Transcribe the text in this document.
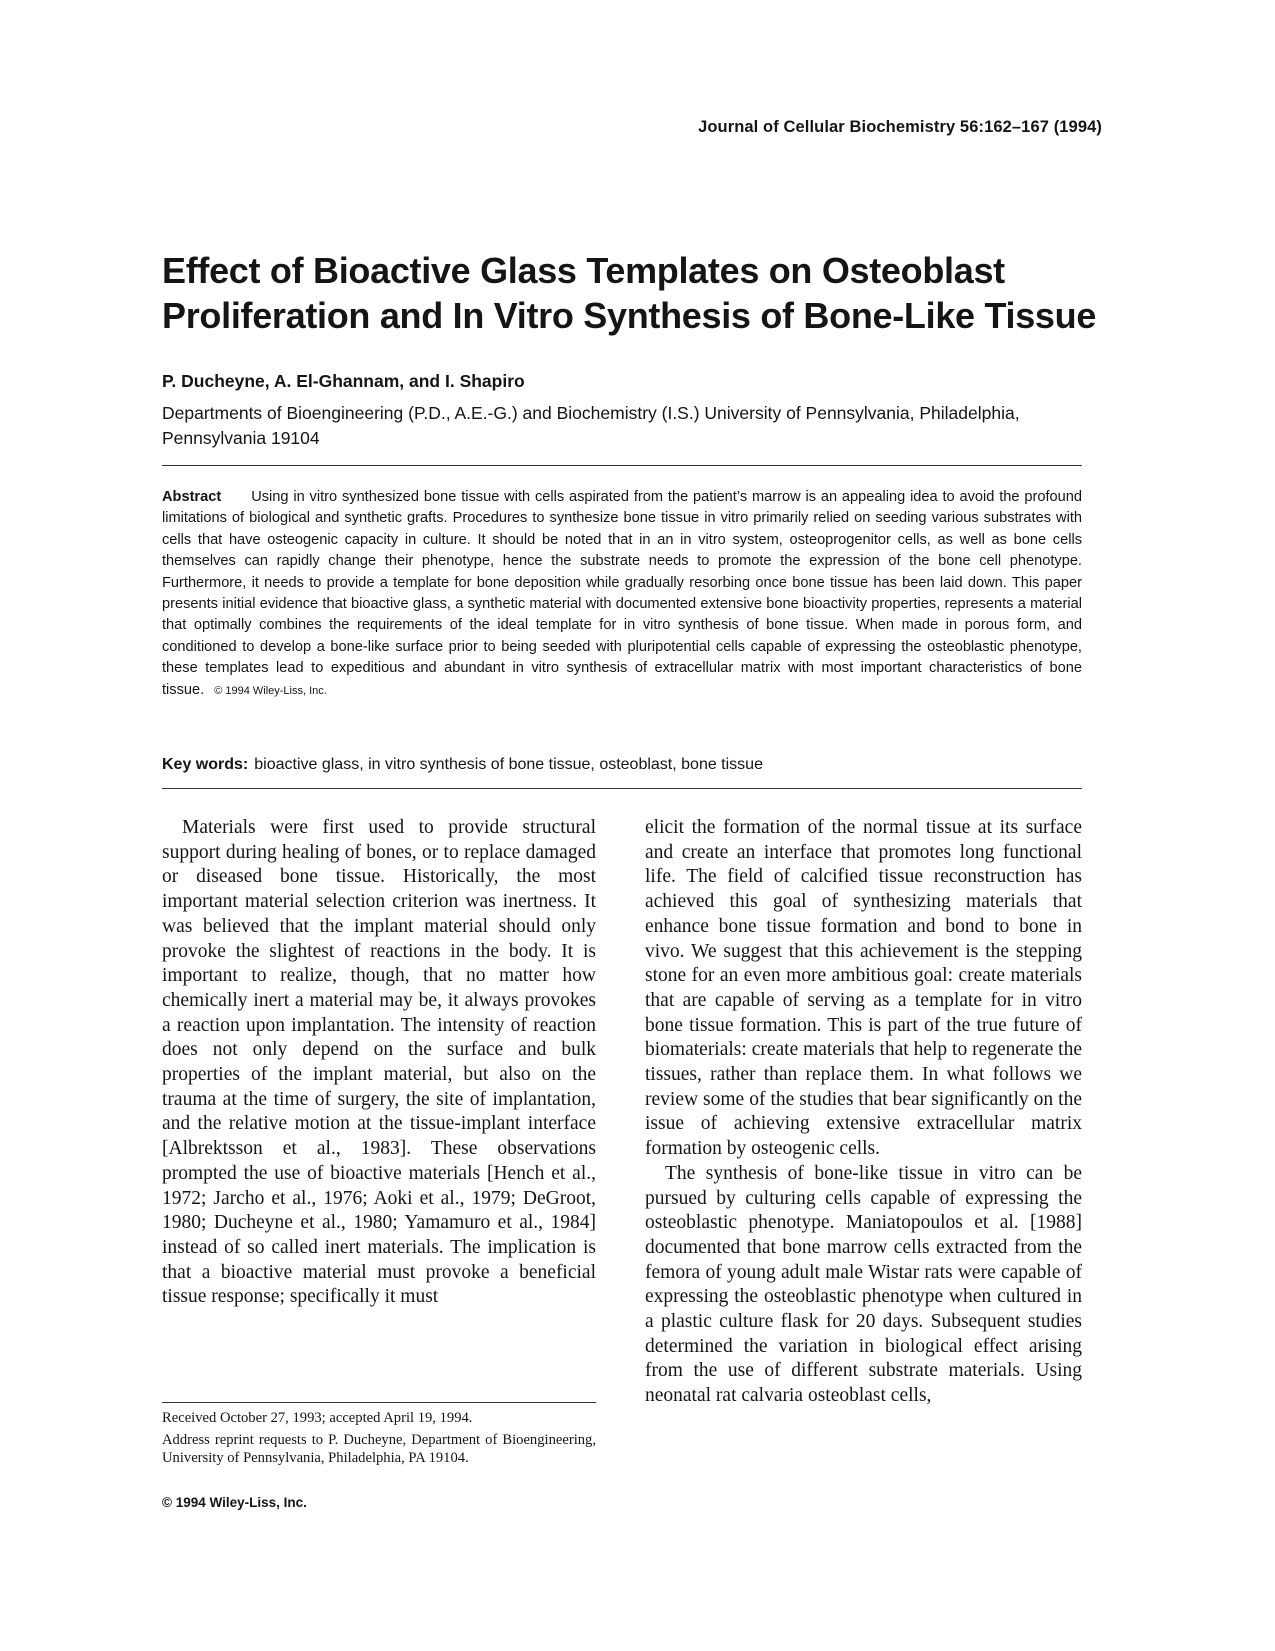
Journal of Cellular Biochemistry 56:162–167 (1994)
Effect of Bioactive Glass Templates on Osteoblast Proliferation and In Vitro Synthesis of Bone-Like Tissue
P. Ducheyne, A. El-Ghannam, and I. Shapiro
Departments of Bioengineering (P.D., A.E.-G.) and Biochemistry (I.S.) University of Pennsylvania, Philadelphia, Pennsylvania 19104

Abstract Using in vitro synthesized bone tissue with cells aspirated from the patient’s marrow is an appealing idea to avoid the profound limitations of biological and synthetic grafts. Procedures to synthesize bone tissue in vitro primarily relied on seeding various substrates with cells that have osteogenic capacity in culture. It should be noted that in an in vitro system, osteoprogenitor cells, as well as bone cells themselves can rapidly change their phenotype, hence the substrate needs to promote the expression of the bone cell phenotype. Furthermore, it needs to provide a template for bone deposition while gradually resorbing once bone tissue has been laid down. This paper presents initial evidence that bioactive glass, a synthetic material with documented extensive bone bioactivity properties, represents a material that optimally combines the requirements of the ideal template for in vitro synthesis of bone tissue. When made in porous form, and conditioned to develop a bone-like surface prior to being seeded with pluripotential cells capable of expressing the osteoblastic phenotype, these templates lead to expeditious and abundant in vitro synthesis of extracellular matrix with most important characteristics of bone tissue. © 1994 Wiley-Liss, Inc.

Key words: bioactive glass, in vitro synthesis of bone tissue, osteoblast, bone tissue

Materials were first used to provide structural support during healing of bones, or to replace damaged or diseased bone tissue. Historically, the most important material selection criterion was inertness. It was believed that the implant material should only provoke the slightest of reactions in the body. It is important to realize, though, that no matter how chemically inert a material may be, it always provokes a reaction upon implantation. The intensity of reaction does not only depend on the surface and bulk properties of the implant material, but also on the trauma at the time of surgery, the site of implantation, and the relative motion at the tissue-implant interface [Albrektsson et al., 1983]. These observations prompted the use of bioactive materials [Hench et al., 1972; Jarcho et al., 1976; Aoki et al., 1979; DeGroot, 1980; Ducheyne et al., 1980; Yamamuro et al., 1984] instead of so called inert materials. The implication is that a bioactive material must provoke a beneficial tissue response; specifically it must

elicit the formation of the normal tissue at its surface and create an interface that promotes long functional life. The field of calcified tissue reconstruction has achieved this goal of synthesizing materials that enhance bone tissue formation and bond to bone in vivo. We suggest that this achievement is the stepping stone for an even more ambitious goal: create materials that are capable of serving as a template for in vitro bone tissue formation. This is part of the true future of biomaterials: create materials that help to regenerate the tissues, rather than replace them. In what follows we review some of the studies that bear significantly on the issue of achieving extensive extracellular matrix formation by osteogenic cells.

The synthesis of bone-like tissue in vitro can be pursued by culturing cells capable of expressing the osteoblastic phenotype. Maniatopoulos et al. [1988] documented that bone marrow cells extracted from the femora of young adult male Wistar rats were capable of expressing the osteoblastic phenotype when cultured in a plastic culture flask for 20 days. Subsequent studies determined the variation in biological effect arising from the use of different substrate materials. Using neonatal rat calvaria osteoblast cells,

Received October 27, 1993; accepted April 19, 1994.
Address reprint requests to P. Ducheyne, Department of Bioengineering, University of Pennsylvania, Philadelphia, PA 19104.
© 1994 Wiley-Liss, Inc.
